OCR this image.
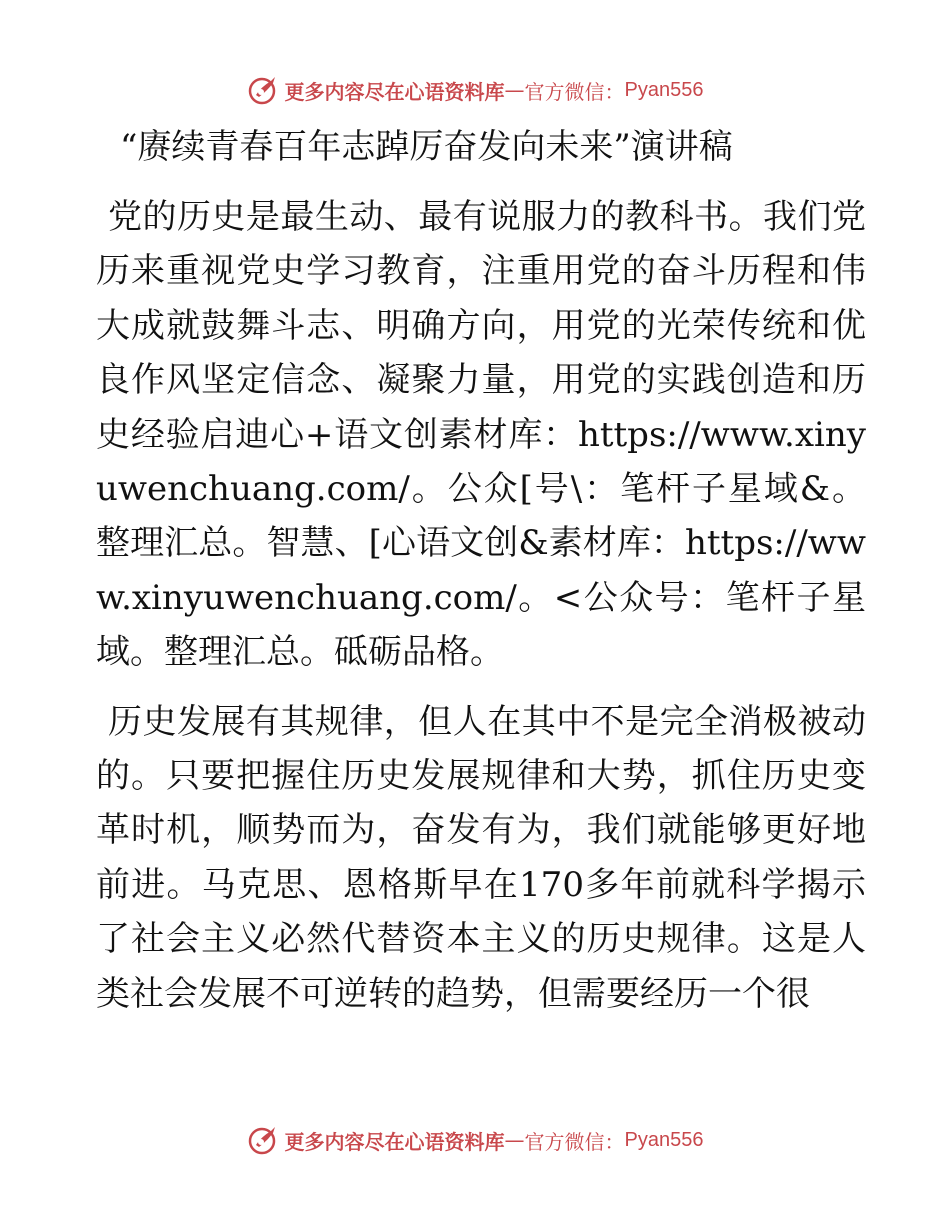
更多内容尽在心语资料库 — 官方微信： Pyan556
“赓续青春百年志踔厉奋发向未来”演讲稿

党的历史是最生动、最有说服力的教科书。我们党历来重视党史学习教育，注重用党的奋斗历程和伟大成就鼓舞斗志、明确方向，用党的光荣传统和优良作风坚定信念、凝聚力量，用党的实践创造和历史经验启迪心+语文创素材库：https://www.xinyuwenchuang.com/。公众[号\：笔杆子星域&。整理汇总。智慧、[心语文创&素材库：https://www.xinyuwenchuang.com/。<公众号：笔杆子星域。整理汇总。砥砺品格。

历史发展有其规律，但人在其中不是完全消极被动的。只要把握住历史发展规律和大势，抓住历史变革时机，顺势而为，奋发有为，我们就能够更好地前进。马克思、恩格斯早在170多年前就科学揭示了社会主义必然代替资本主义的历史规律。这是人类社会发展不可逆转的趋势，但需要经历一个很

更多内容尽在心语资料库 — 官方微信： Pyan556
